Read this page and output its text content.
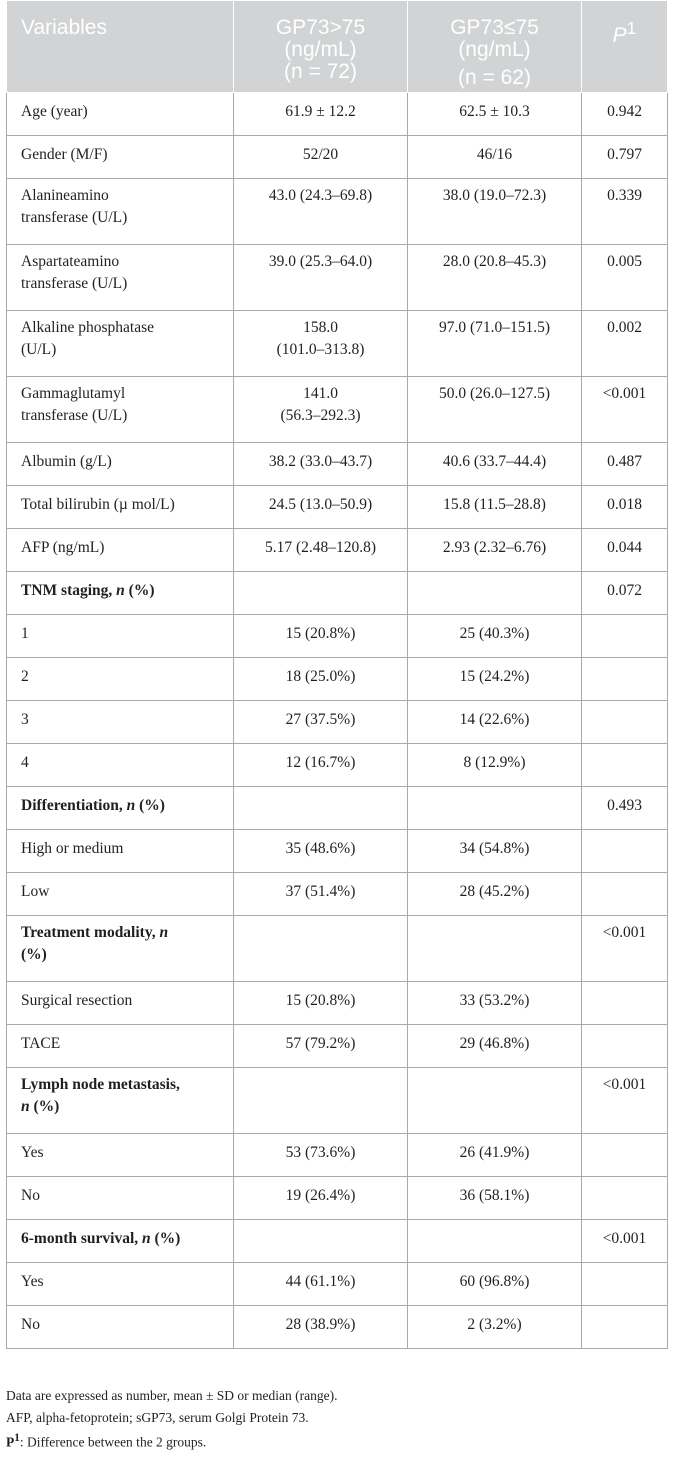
Variables	GP73>75
(ng/mL)
(n = 72)	GP73≤75
(ng/mL)
(n = 62)	$P^1$

Age (year)	61.9 ± 12.2	62.5 ± 10.3	0.942

Gender (M/F)	52/20	46/16	0.797

Alanineamino
transferase (U/L)	43.0 (24.3–69.8)	38.0 (19.0–72.3)	0.339

Aspartateamino
transferase (U/L)	39.0 (25.3–64.0)	28.0 (20.8–45.3)	0.005

Alkaline phosphatase
(U/L)	158.0
(101.0–313.8)	97.0 (71.0–151.5)	0.002

Gammaglutamyl
transferase (U/L)	141.0
(56.3–292.3)	50.0 (26.0–127.5)	<0.001

Albumin (g/L)	38.2 (33.0–43.7)	40.6 (33.7–44.4)	0.487

Total bilirubin (µ mol/L)	24.5 (13.0–50.9)	15.8 (11.5–28.8)	0.018

AFP (ng/mL)	5.17 (2.48–120.8)	2.93 (2.32–6.76)	0.044

TNM staging, n (%)			0.072

1	15 (20.8%)	25 (40.3%)	

2	18 (25.0%)	15 (24.2%)	

3	27 (37.5%)	14 (22.6%)	

4	12 (16.7%)	8 (12.9%)	

Differentiation, n (%)			0.493

High or medium	35 (48.6%)	34 (54.8%)	

Low	37 (51.4%)	28 (45.2%)	

Treatment modality, n
(%)			<0.001

Surgical resection	15 (20.8%)	33 (53.2%)	

TACE	57 (79.2%)	29 (46.8%)	

Lymph node metastasis,
n (%)			<0.001

Yes	53 (73.6%)	26 (41.9%)	

No	19 (26.4%)	36 (58.1%)	

6-month survival, n (%)			<0.001

Yes	44 (61.1%)	60 (96.8%)	

No	28 (38.9%)	2 (3.2%)	

Data are expressed as number, mean ± SD or median (range).
AFP, alpha-fetoprotein; sGP73, serum Golgi Protein 73.
$P^1$: Difference between the 2 groups.
